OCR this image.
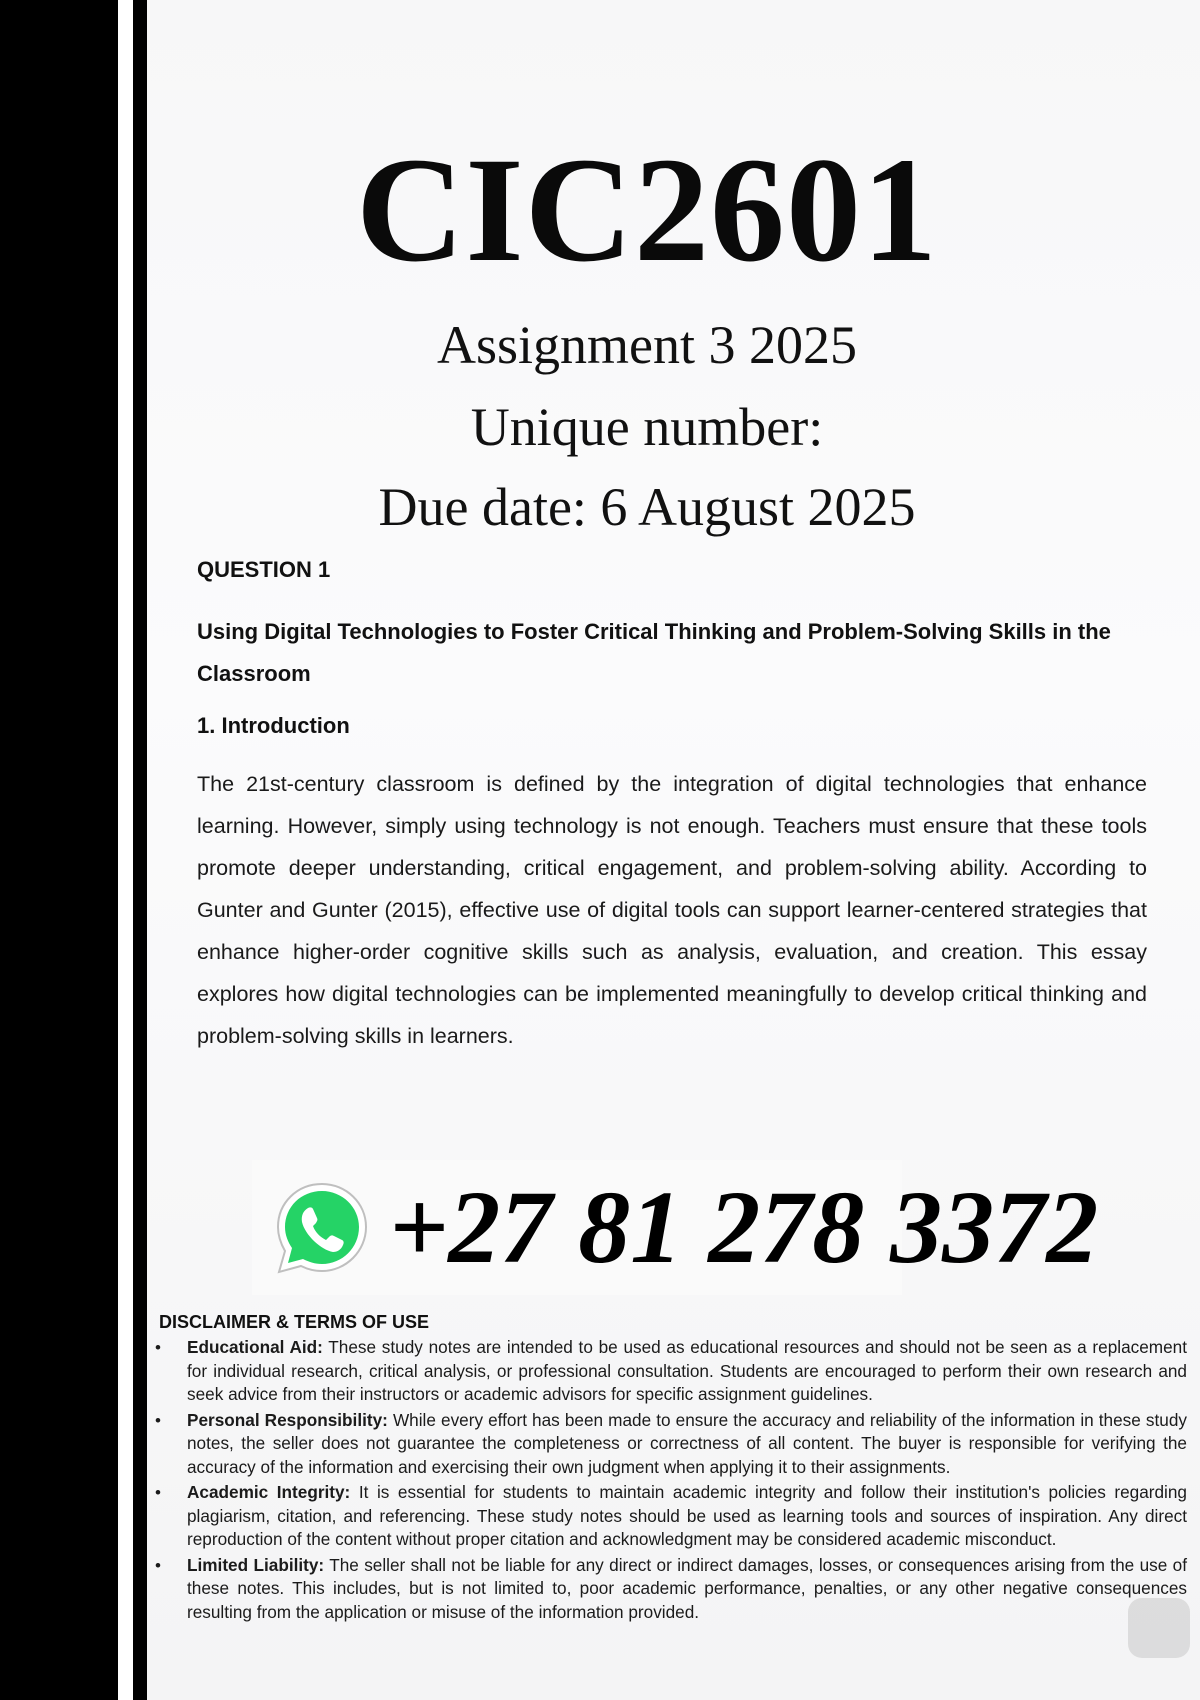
CIC2601
Assignment 3 2025
Unique number:
Due date: 6 August 2025
QUESTION 1
Using Digital Technologies to Foster Critical Thinking and Problem-Solving Skills in the Classroom
1. Introduction
The 21st-century classroom is defined by the integration of digital technologies that enhance learning. However, simply using technology is not enough. Teachers must ensure that these tools promote deeper understanding, critical engagement, and problem-solving ability. According to Gunter and Gunter (2015), effective use of digital tools can support learner-centered strategies that enhance higher-order cognitive skills such as analysis, evaluation, and creation. This essay explores how digital technologies can be implemented meaningfully to develop critical thinking and problem-solving skills in learners.
+27 81 278 3372
DISCLAIMER & TERMS OF USE
• Educational Aid: These study notes are intended to be used as educational resources and should not be seen as a replacement for individual research, critical analysis, or professional consultation. Students are encouraged to perform their own research and seek advice from their instructors or academic advisors for specific assignment guidelines.
• Personal Responsibility: While every effort has been made to ensure the accuracy and reliability of the information in these study notes, the seller does not guarantee the completeness or correctness of all content. The buyer is responsible for verifying the accuracy of the information and exercising their own judgment when applying it to their assignments.
• Academic Integrity: It is essential for students to maintain academic integrity and follow their institution's policies regarding plagiarism, citation, and referencing. These study notes should be used as learning tools and sources of inspiration. Any direct reproduction of the content without proper citation and acknowledgment may be considered academic misconduct.
• Limited Liability: The seller shall not be liable for any direct or indirect damages, losses, or consequences arising from the use of these notes. This includes, but is not limited to, poor academic performance, penalties, or any other negative consequences resulting from the application or misuse of the information provided.
